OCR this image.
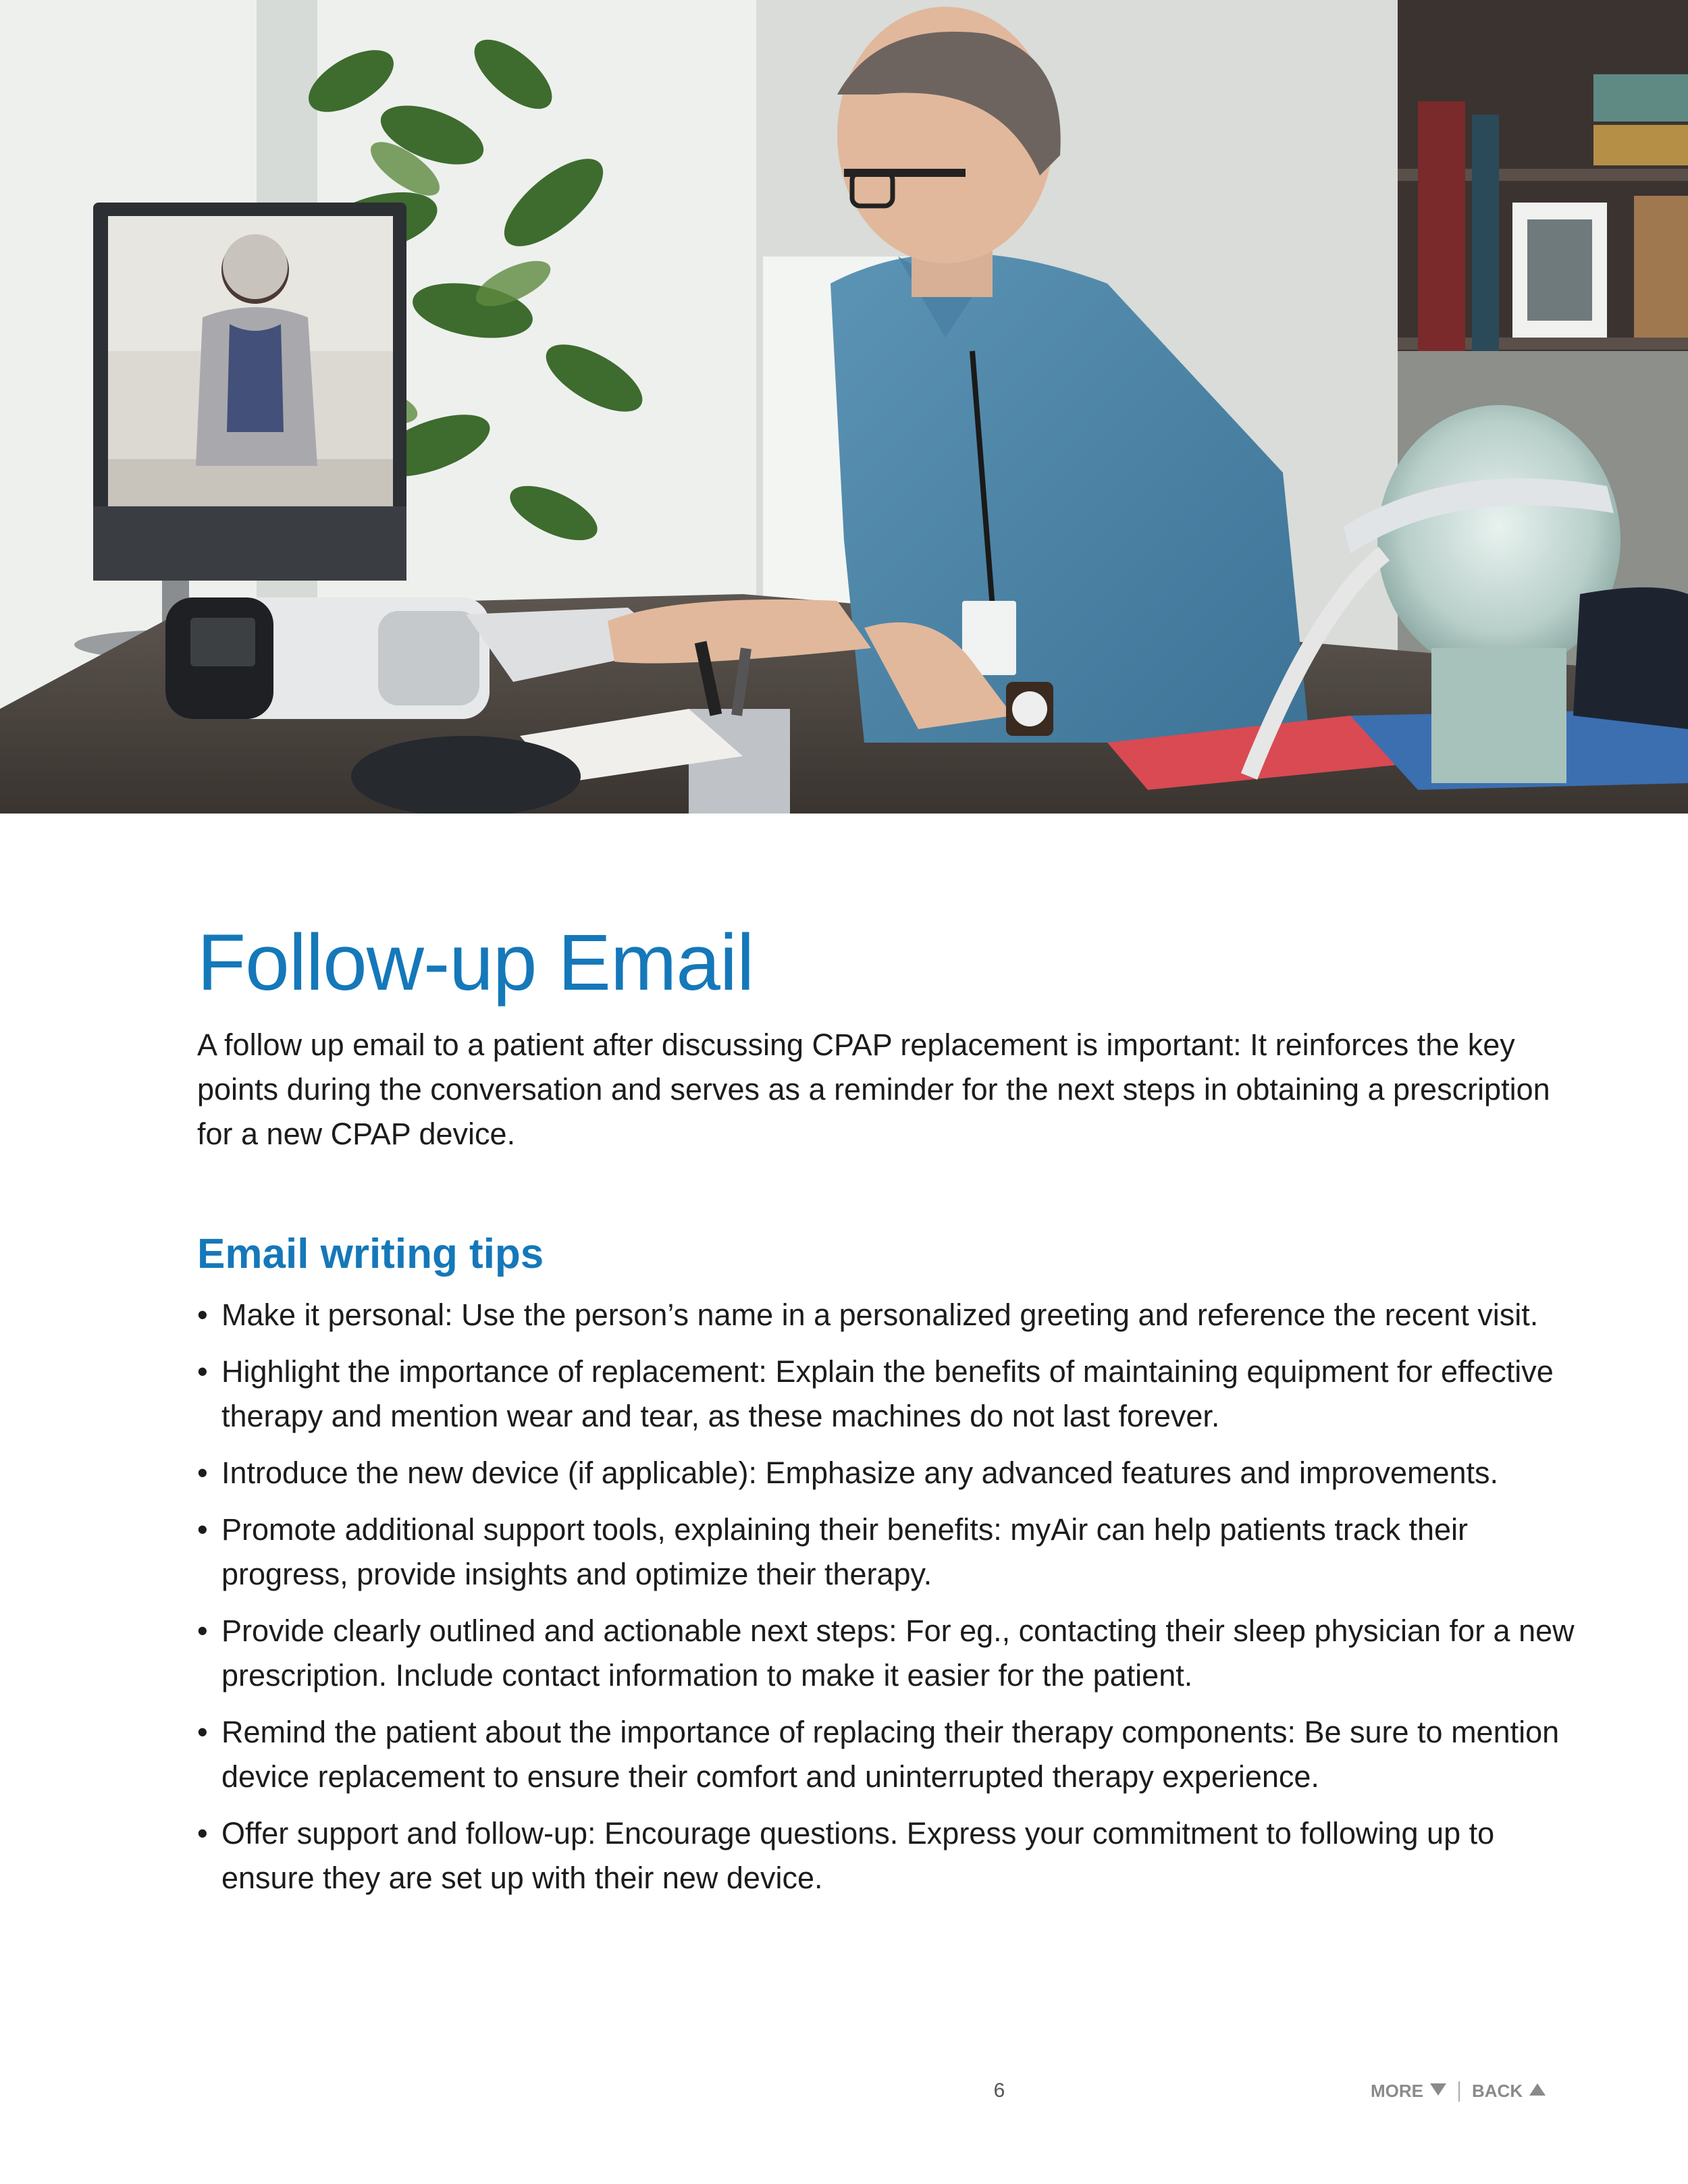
Follow-up Email

A follow up email to a patient after discussing CPAP replacement is important: It reinforces the key points during the conversation and serves as a reminder for the next steps in obtaining a prescription for a new CPAP device.

Email writing tips
• Make it personal: Use the person’s name in a personalized greeting and reference the recent visit.
• Highlight the importance of replacement: Explain the benefits of maintaining equipment for effective therapy and mention wear and tear, as these machines do not last forever.
• Introduce the new device (if applicable): Emphasize any advanced features and improvements.
• Promote additional support tools, explaining their benefits: myAir can help patients track their progress, provide insights and optimize their therapy.
• Provide clearly outlined and actionable next steps: For eg., contacting their sleep physician for a new prescription. Include contact information to make it easier for the patient.
• Remind the patient about the importance of replacing their therapy components: Be sure to mention device replacement to ensure their comfort and uninterrupted therapy experience.
• Offer support and follow-up: Encourage questions. Express your commitment to following up to ensure they are set up with their new device.
6	MORE	BACK
